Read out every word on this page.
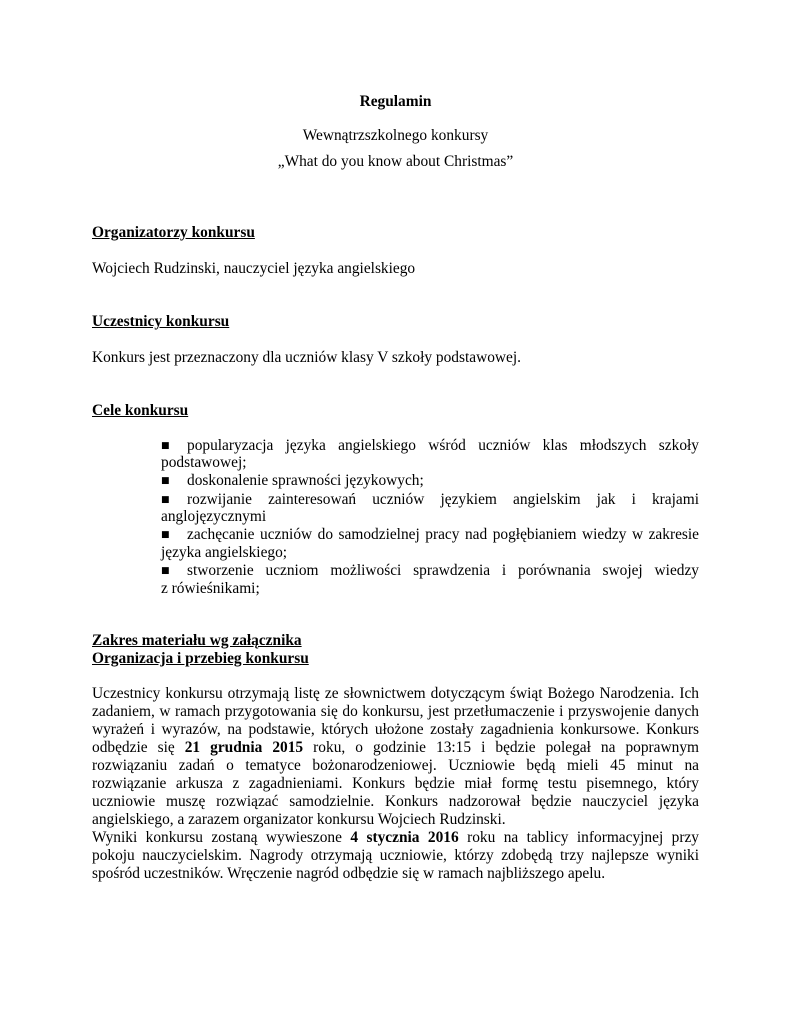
Regulamin
Wewnątrzszkolnego konkursy
„What do you know about Christmas”
Organizatorzy konkursu
Wojciech Rudzinski, nauczyciel języka angielskiego
Uczestnicy konkursu
Konkurs jest przeznaczony dla uczniów klasy V szkoły podstawowej.
Cele konkursu
■ popularyzacja języka angielskiego wśród uczniów klas młodszych szkoły
podstawowej;
■ doskonalenie sprawności językowych;
■ rozwijanie zainteresowań uczniów językiem angielskim jak i krajami
anglojęzycznymi
■ zachęcanie uczniów do samodzielnej pracy nad pogłębianiem wiedzy w zakresie
języka angielskiego;
■ stworzenie uczniom możliwości sprawdzenia i porównania swojej wiedzy
z rówieśnikami;
Zakres materiału wg załącznika
Organizacja i przebieg konkursu
Uczestnicy konkursu otrzymają listę ze słownictwem dotyczącym świąt Bożego Narodzenia. Ich
zadaniem, w ramach przygotowania się do konkursu, jest przetłumaczenie i przyswojenie danych
wyrażeń i wyrazów, na podstawie, których ułożone zostały zagadnienia konkursowe. Konkurs
odbędzie się 21 grudnia 2015 roku, o godzinie 13:15 i będzie polegał na poprawnym
rozwiązaniu zadań o tematyce bożonarodzeniowej. Uczniowie będą mieli 45 minut na
rozwiązanie arkusza z zagadnieniami. Konkurs będzie miał formę testu pisemnego, który
uczniowie muszę rozwiązać samodzielnie. Konkurs nadzorował będzie nauczyciel języka
angielskiego, a zarazem organizator konkursu Wojciech Rudzinski.
Wyniki konkursu zostaną wywieszone 4 stycznia 2016 roku na tablicy informacyjnej przy
pokoju nauczycielskim. Nagrody otrzymają uczniowie, którzy zdobędą trzy najlepsze wyniki
spośród uczestników. Wręczenie nagród odbędzie się w ramach najbliższego apelu.
